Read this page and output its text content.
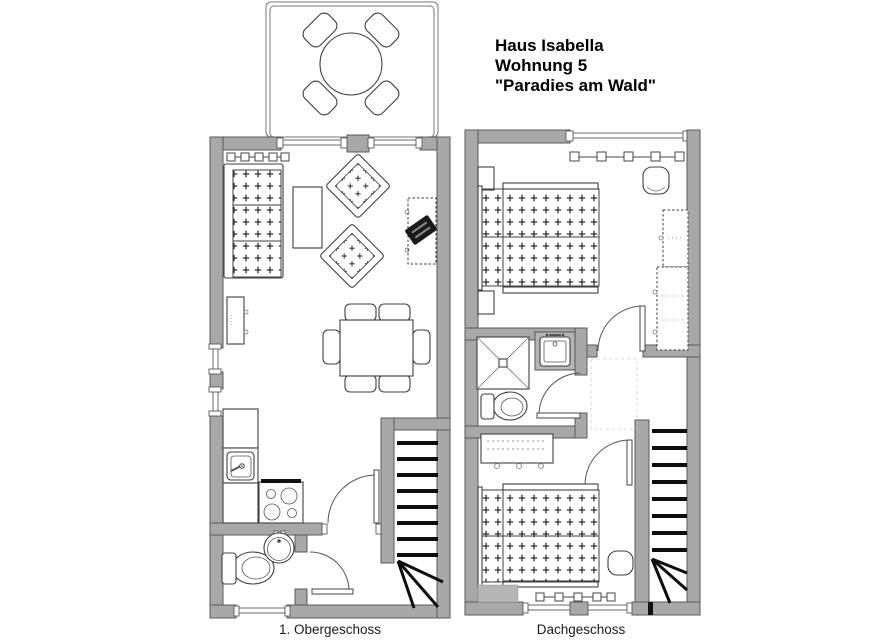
Haus Isabella
Wohnung 5
"Paradies am Wald"
1. Obergeschoss	Dachgeschoss
